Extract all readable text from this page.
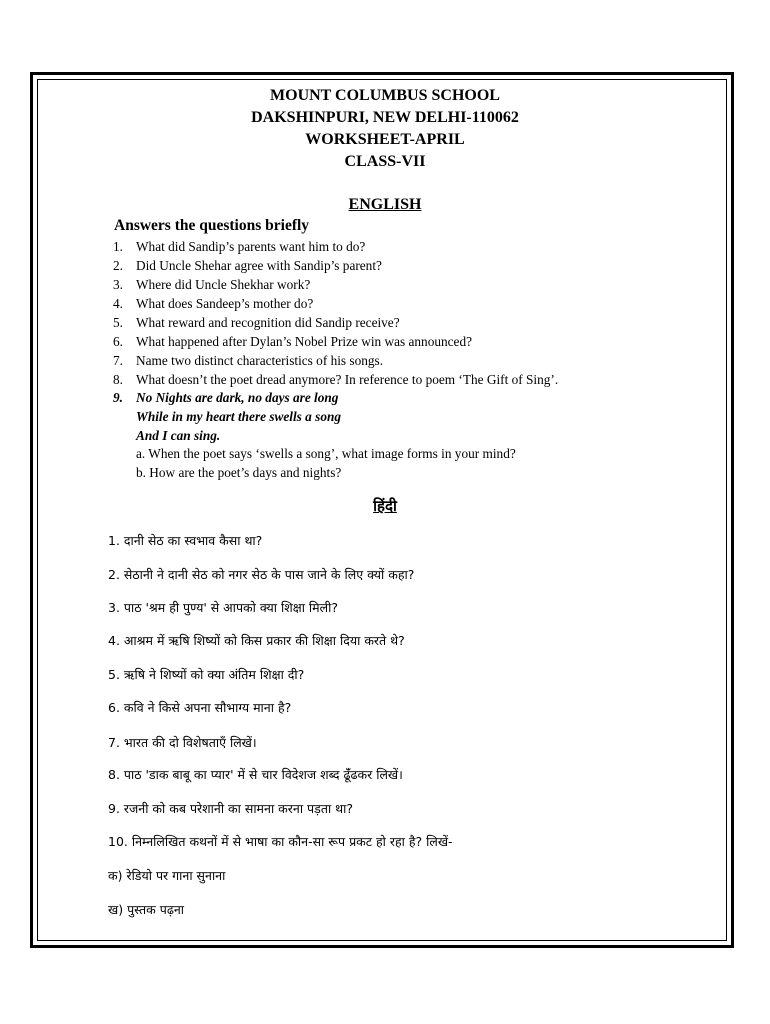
MOUNT COLUMBUS SCHOOL
DAKSHINPURI, NEW DELHI-110062
WORKSHEET-APRIL
CLASS-VII
ENGLISH
Answers the questions briefly
1. What did Sandip’s parents want him to do?
2. Did Uncle Shehar agree with Sandip’s parent?
3. Where did Uncle Shekhar work?
4. What does Sandeep’s mother do?
5. What reward and recognition did Sandip receive?
6. What happened after Dylan’s Nobel Prize win was announced?
7. Name two distinct characteristics of his songs.
8. What doesn’t the poet dread anymore? In reference to poem ‘The Gift of Sing’.
9. No Nights are dark, no days are long
While in my heart there swells a song
And I can sing.
a. When the poet says ‘swells a song’, what image forms in your mind?
b. How are the poet’s days and nights?
हिंदी
1. दानी सेठ का स्वभाव कैसा था?
2. सेठानी ने दानी सेठ को नगर सेठ के पास जाने के लिए क्यों कहा?
3. पाठ 'श्रम ही पुण्य' से आपको क्या शिक्षा मिली?
4. आश्रम में ऋषि शिष्यों को किस प्रकार की शिक्षा दिया करते थे?
5. ऋषि ने शिष्यों को क्या अंतिम शिक्षा दी?
6. कवि ने किसे अपना सौभाग्य माना है?
7. भारत की दो विशेषताएँ लिखें।
8. पाठ 'डाक बाबू का प्यार' में से चार विदेशज शब्द ढूंँढकर लिखें।
9. रजनी को कब परेशानी का सामना करना पड़ता था?
10. निम्नलिखित कथनों में से भाषा का कौन-सा रूप प्रकट हो रहा है? लिखें-
क) रेडियो पर गाना सुनाना
ख) पुस्तक पढ़ना
